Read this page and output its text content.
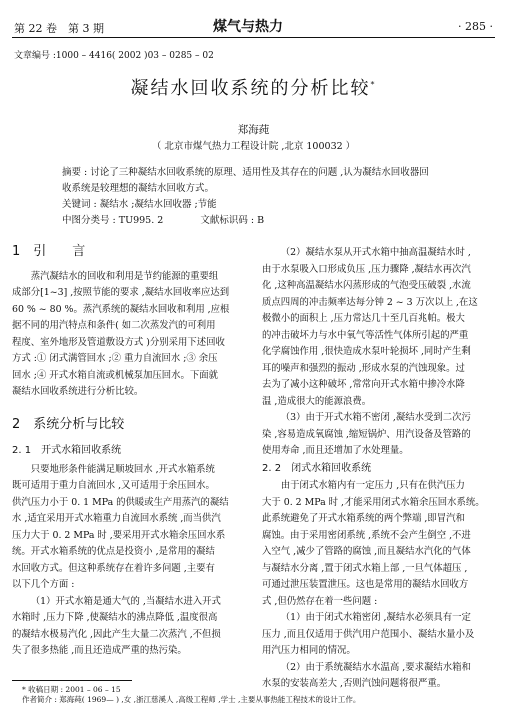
第 22 卷　第 3 期	煤气与热力	· 285 ·
文章编号 :1000 – 4416( 2002 )03 – 0285 – 02
凝结水回收系统的分析比较*
郑海莼
（ 北京市煤气热力工程设计院 ,北京 100032 ）
摘要 : 讨论了三种凝结水回收系统的原理、适用性及其存在的问题 ,认为凝结水回收器回
收系统是较理想的凝结水回收方式。
关键词 : 凝结水 ;凝结水回收器 ;节能
中图分类号 : TU995. 2	文献标识码 : B
1　引　　言
蒸汽凝结水的回收和利用是节约能源的重要组
成部分[1~3] ,按照节能的要求 ,凝结水回收率应达到
60 % ~ 80 %。蒸汽系统的凝结水回收和利用 ,应根
据不同的用汽特点和条件( 如二次蒸发汽的可利用
程度、室外地形及管道敷设方式 )分别采用下述回收
方式 :① 闭式满管回水 ;② 重力自流回水 ;③ 余压
回水 ;④ 开式水箱自流或机械泵加压回水。下面就
凝结水回收系统进行分析比较。
2　系统分析与比较
2. 1　开式水箱回收系统
只要地形条件能满足顺坡回水 ,开式水箱系统
既可适用于重力自流回水 ,又可适用于余压回水。
供汽压力小于 0. 1 MPa 的供暖或生产用蒸汽的凝结
水 ,适宜采用开式水箱重力自流回水系统 ,而当供汽
压力大于 0. 2 MPa 时 ,要采用开式水箱余压回水系
统。开式水箱系统的优点是投资小 ,是常用的凝结
水回收方式。但这种系统存在着许多问题 ,主要有
以下几个方面 :
（1）开式水箱是通大气的 ,当凝结水进入开式
水箱时 ,压力下降 ,使凝结水的沸点降低 ,温度很高
的凝结水极易汽化 ,因此产生大量二次蒸汽 ,不但损
失了很多热能 ,而且还造成严重的热污染。
（2）凝结水泵从开式水箱中抽高温凝结水时 ,
由于水泵吸入口形成负压 ,压力骤降 ,凝结水再次汽
化 ,这种高温凝结水闪蒸形成的气泡受压破裂 ,水流
质点四周的冲击频率达每分钟 2 ~ 3 万次以上 ,在这
极微小的面积上 ,压力常达几十至几百兆帕。极大
的冲击破坏力与水中氧气等活性气体所引起的严重
化学腐蚀作用 ,很快造成水泵叶轮损坏 ,同时产生剩
耳的噪声和强烈的振动 ,形成水泵的汽蚀现象。过
去为了减小这种破坏 ,常常向开式水箱中掺冷水降
温 ,造成很大的能源浪费。
（3）由于开式水箱不密闭 ,凝结水受到二次污
染 ,容易造成氧腐蚀 ,缩短锅炉、用汽设备及管路的
使用寿命 ,而且还增加了水处理量。
2. 2　闭式水箱回收系统
由于闭式水箱内有一定压力 ,只有在供汽压力
大于 0. 2 MPa 时 ,才能采用闭式水箱余压回水系统。
此系统避免了开式水箱系统的两个弊端 ,即冒汽和
腐蚀。由于采用密闭系统 ,系统不会产生倒空 ,不进
入空气 ,减少了管路的腐蚀 ,而且凝结水汽化的气体
与凝结水分离 ,置于闭式水箱上部 ,一旦气体超压 ,
可通过泄压装置泄压。这也是常用的凝结水回收方
式 ,但仍然存在着一些问题 :
（1）由于闭式水箱密闭 ,凝结水必须具有一定
压力 ,而且仅适用于供汽用户范围小、凝结水量小及
用汽压力相同的情况。
（2）由于系统凝结水水温高 ,要求凝结水箱和
水泵的安装高差大 ,否则汽蚀问题将很严重。
* 收稿日期 : 2001 – 06 – 15
作者简介 : 郑海莼( 1969— ) ,女 ,浙江慈溪人 ,高级工程师 ,学士 ,主要从事热能工程技术的设计工作。
